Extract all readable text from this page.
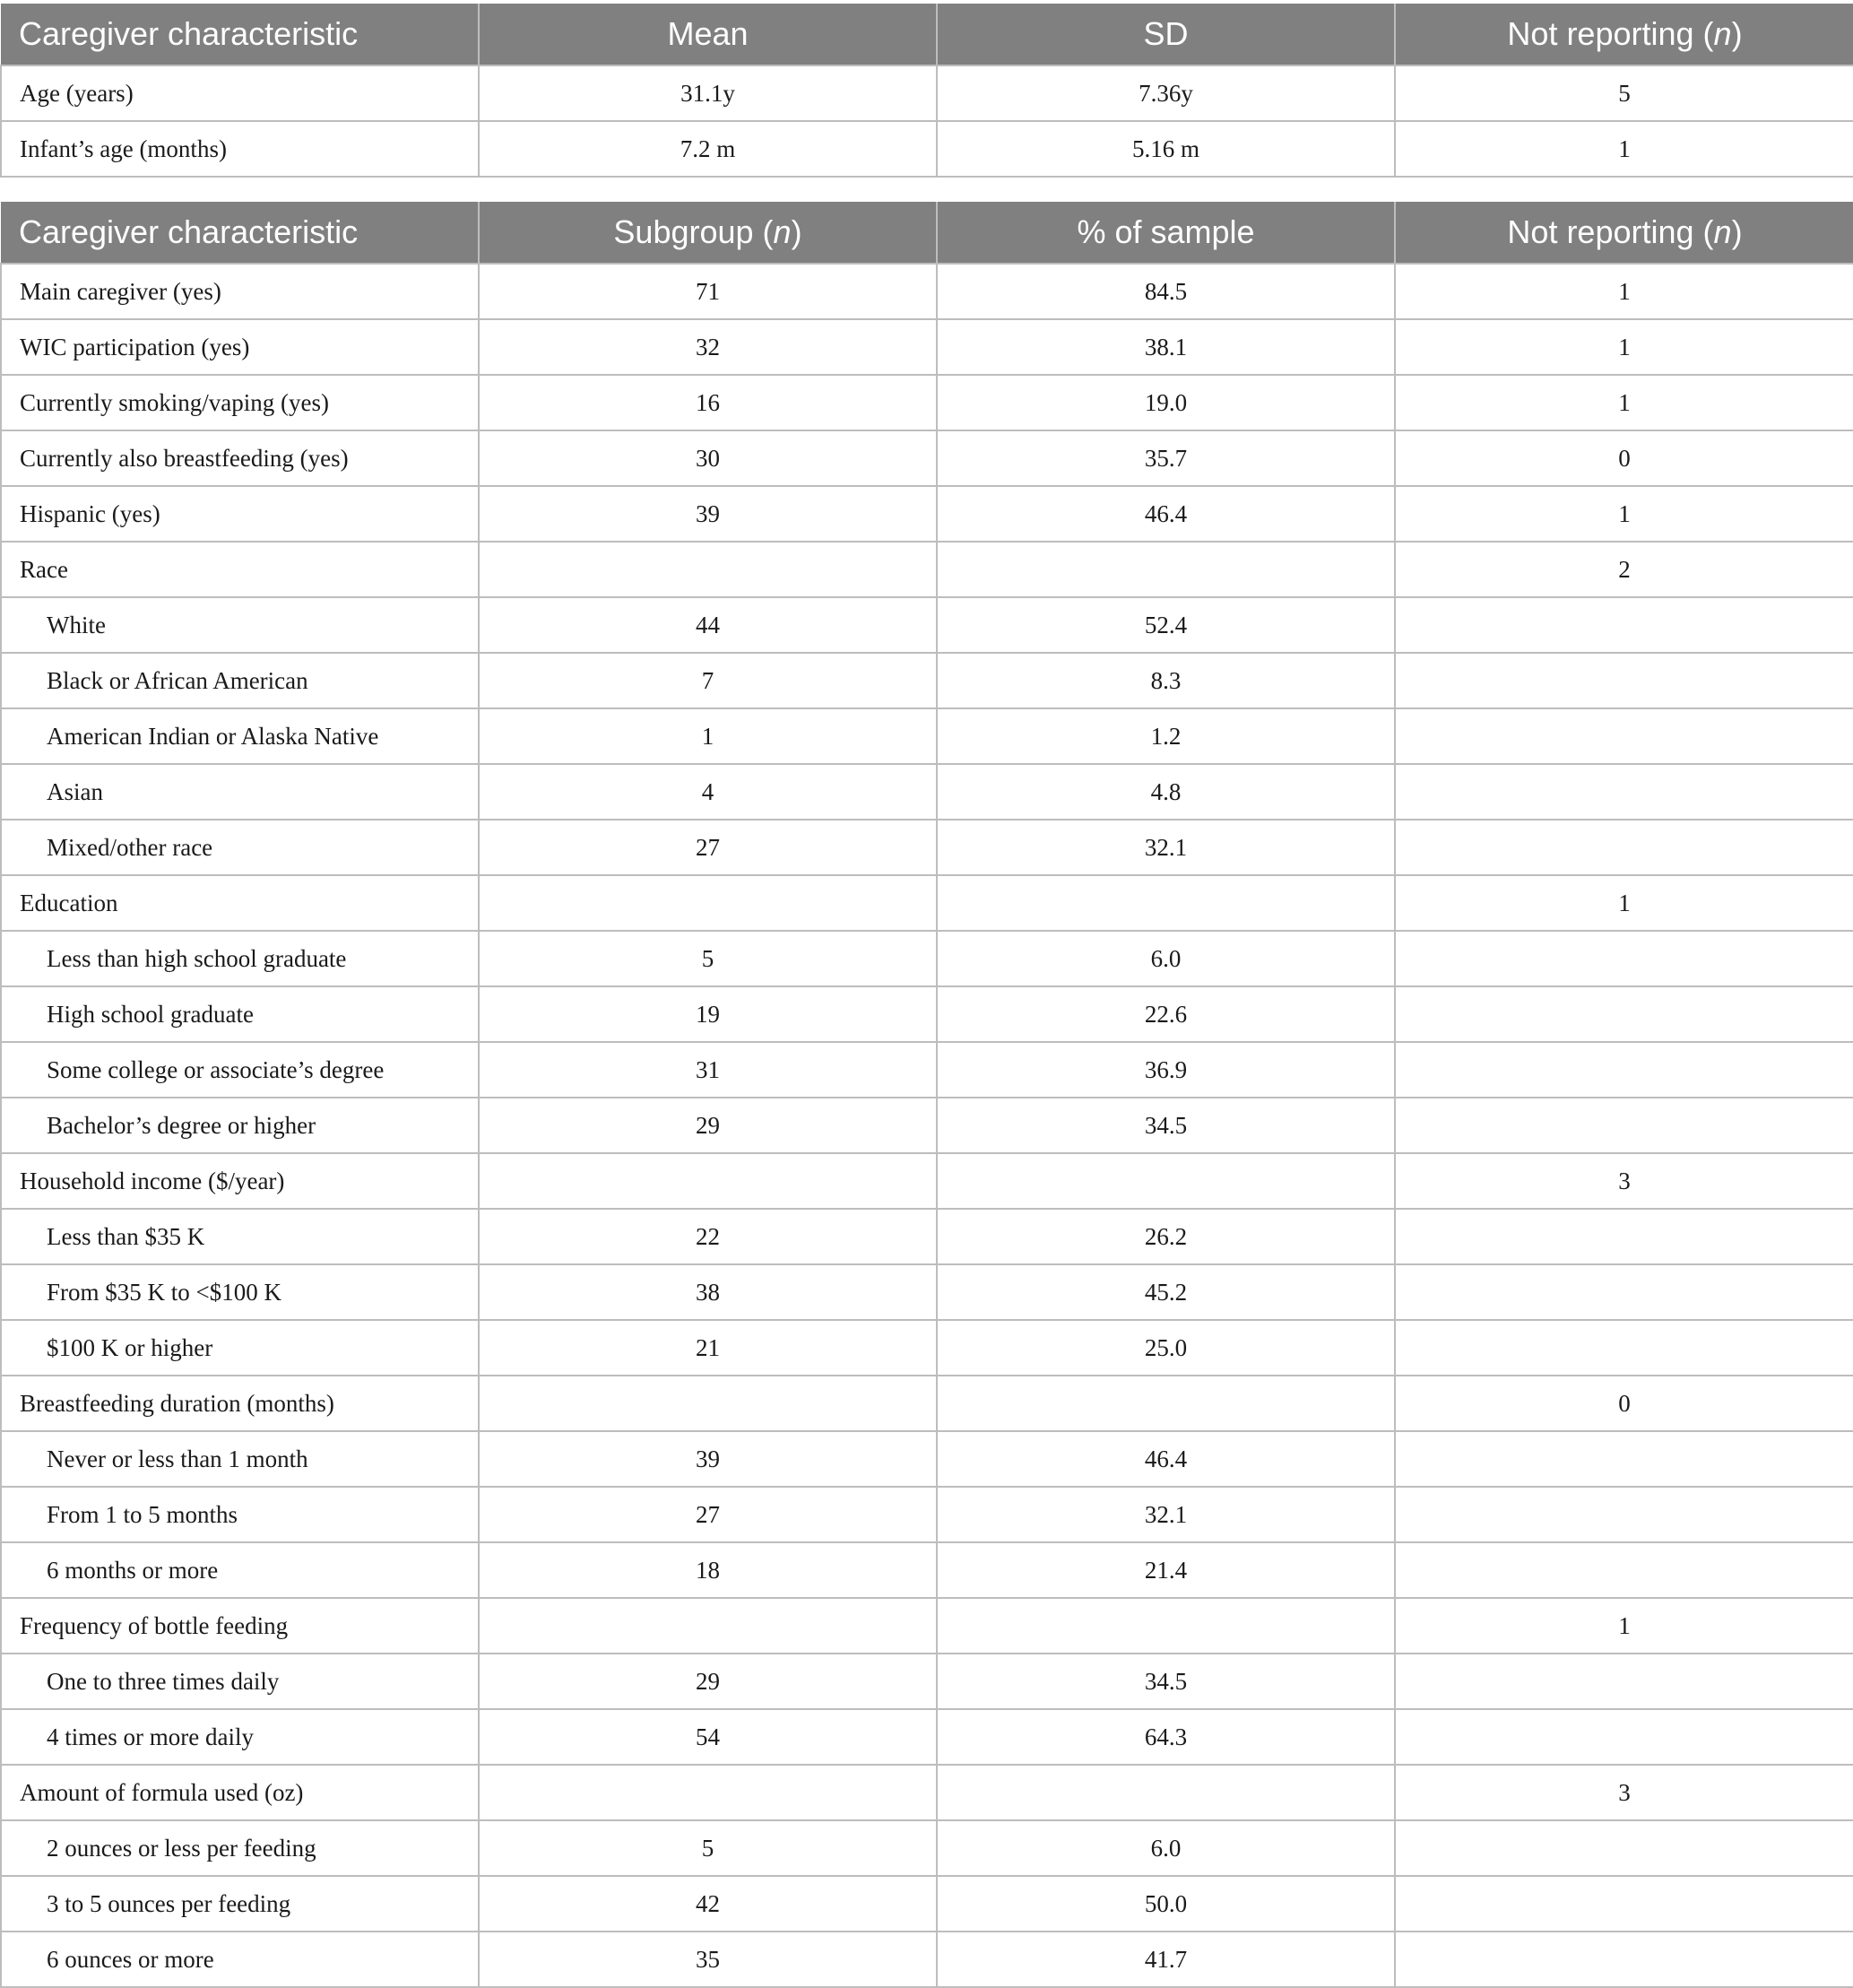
Caregiver characteristic	Mean	SD	Not reporting (n)
Age (years)	31.1y	7.36y	5
Infant’s age (months)	7.2 m	5.16 m	1
Caregiver characteristic	Subgroup (n)	% of sample	Not reporting (n)
Main caregiver (yes)	71	84.5	1
WIC participation (yes)	32	38.1	1
Currently smoking/vaping (yes)	16	19.0	1
Currently also breastfeeding (yes)	30	35.7	0
Hispanic (yes)	39	46.4	1
Race			2
White	44	52.4	
Black or African American	7	8.3	
American Indian or Alaska Native	1	1.2	
Asian	4	4.8	
Mixed/other race	27	32.1	
Education			1
Less than high school graduate	5	6.0	
High school graduate	19	22.6	
Some college or associate’s degree	31	36.9	
Bachelor’s degree or higher	29	34.5	
Household income ($/year)			3
Less than $35 K	22	26.2	
From $35 K to <$100 K	38	45.2	
$100 K or higher	21	25.0	
Breastfeeding duration (months)			0
Never or less than 1 month	39	46.4	
From 1 to 5 months	27	32.1	
6 months or more	18	21.4	
Frequency of bottle feeding			1
One to three times daily	29	34.5	
4 times or more daily	54	64.3	
Amount of formula used (oz)			3
2 ounces or less per feeding	5	6.0	
3 to 5 ounces per feeding	42	50.0	
6 ounces or more	35	41.7	
